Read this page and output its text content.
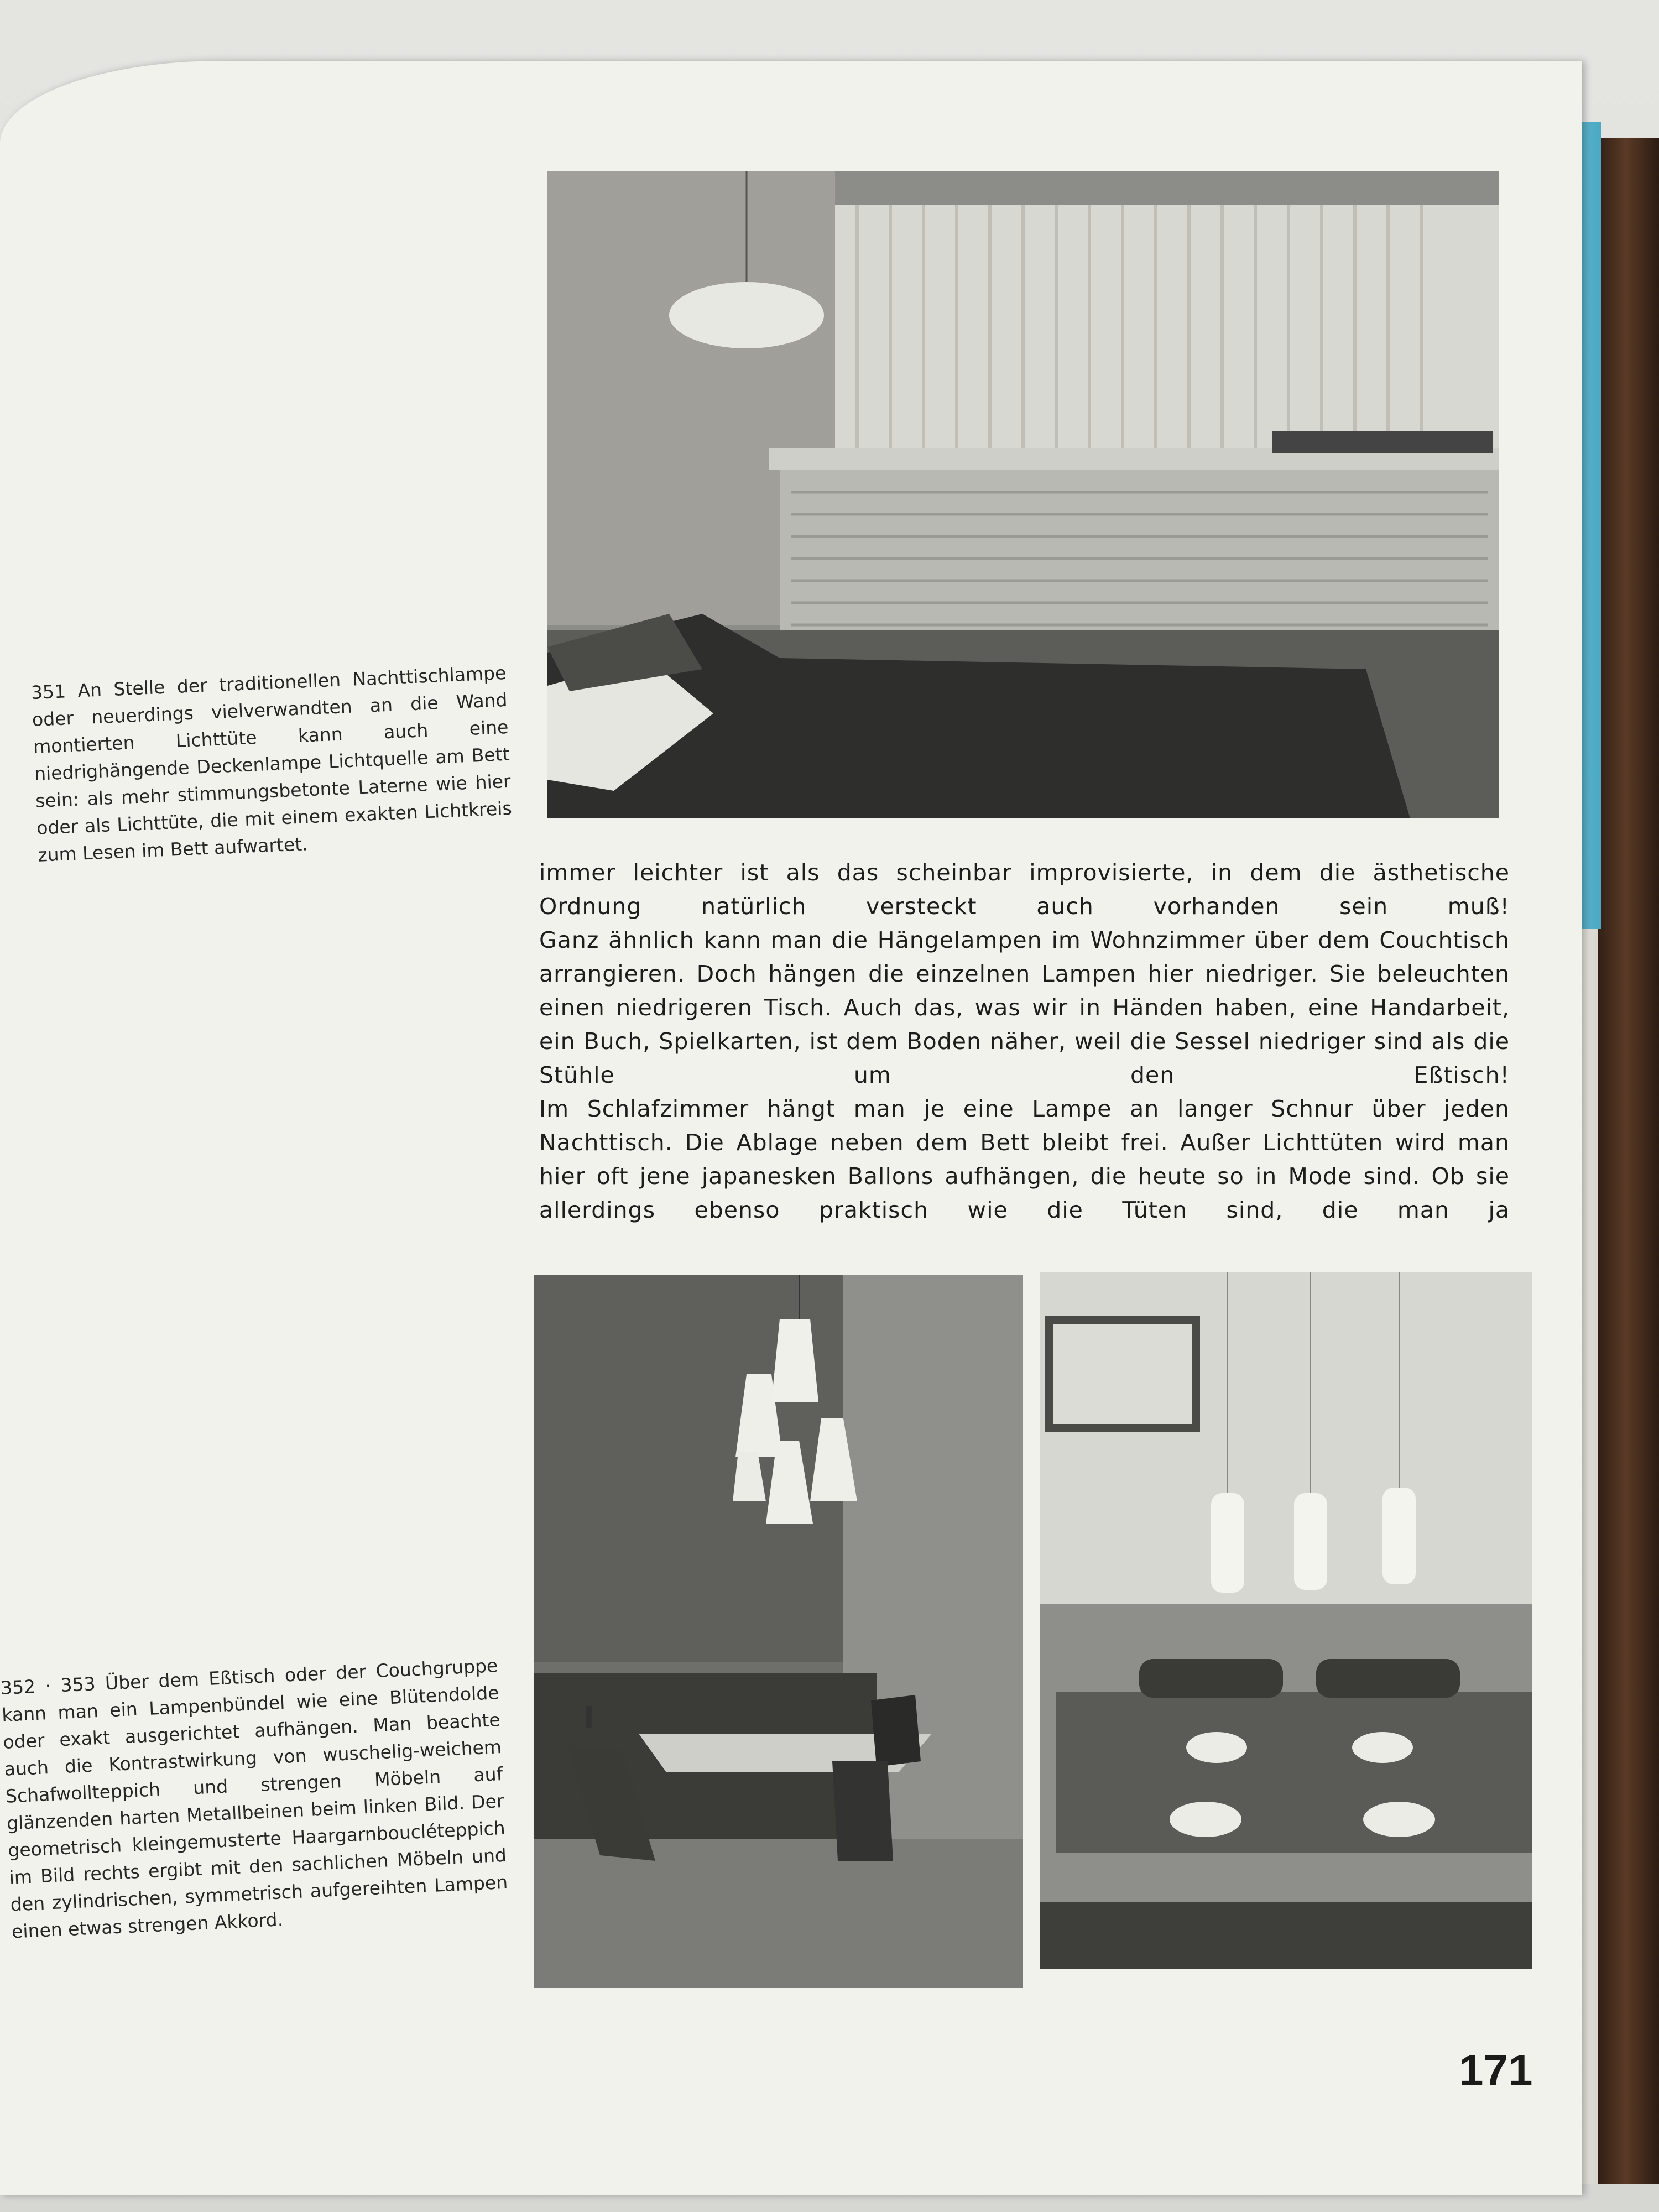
351 An Stelle der traditionellen Nachttischlampe oder neuerdings vielverwandten an die Wand montierten Lichttüte kann auch eine niedrighängende Deckenlampe Lichtquelle am Bett sein: als mehr stimmungsbetonte Laterne wie hier oder als Lichttüte, die mit einem exakten Lichtkreis zum Lesen im Bett aufwartet.

immer leichter ist als das scheinbar improvisierte, in dem die ästhetische Ordnung natürlich versteckt auch vorhanden sein muß!

Ganz ähnlich kann man die Hängelampen im Wohnzimmer über dem Couchtisch arrangieren. Doch hängen die einzelnen Lampen hier niedriger. Sie beleuchten einen niedrigeren Tisch. Auch das, was wir in Händen haben, eine Handarbeit, ein Buch, Spielkarten, ist dem Boden näher, weil die Sessel niedriger sind als die Stühle um den Eßtisch!

Im Schlafzimmer hängt man je eine Lampe an langer Schnur über jeden Nachttisch. Die Ablage neben dem Bett bleibt frei. Außer Lichttüten wird man hier oft jene japanesken Ballons aufhängen, die heute so in Mode sind. Ob sie allerdings ebenso praktisch wie die Tüten sind, die man ja

352 · 353 Über dem Eßtisch oder der Couchgruppe kann man ein Lampenbündel wie eine Blütendolde oder exakt ausgerichtet aufhängen. Man beachte auch die Kontrastwirkung von wuschelig-weichem Schafwollteppich und strengen Möbeln auf glänzenden harten Metallbeinen beim linken Bild. Der geometrisch kleingemusterte Haargarnboucléteppich im Bild rechts ergibt mit den sachlichen Möbeln und den zylindrischen, symmetrisch aufgereihten Lampen einen etwas strengen Akkord.
171
